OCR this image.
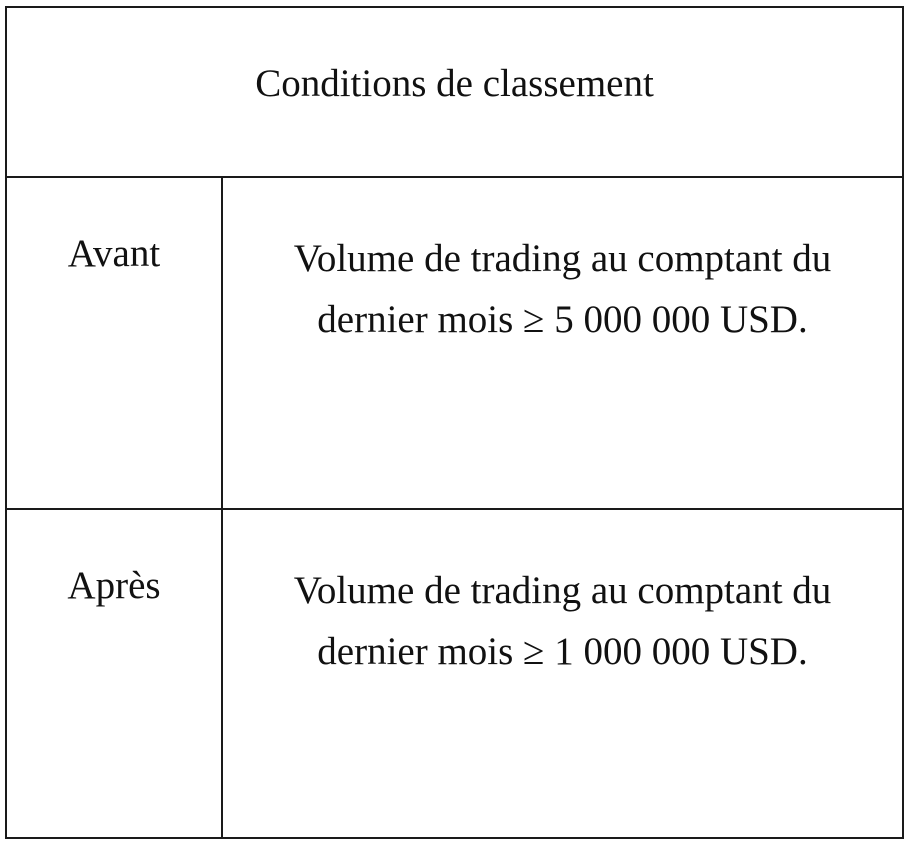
Conditions de classement
Avant	Volume de trading au comptant du
dernier mois ≥ 5 000 000 USD.
Après	Volume de trading au comptant du
dernier mois ≥ 1 000 000 USD.
